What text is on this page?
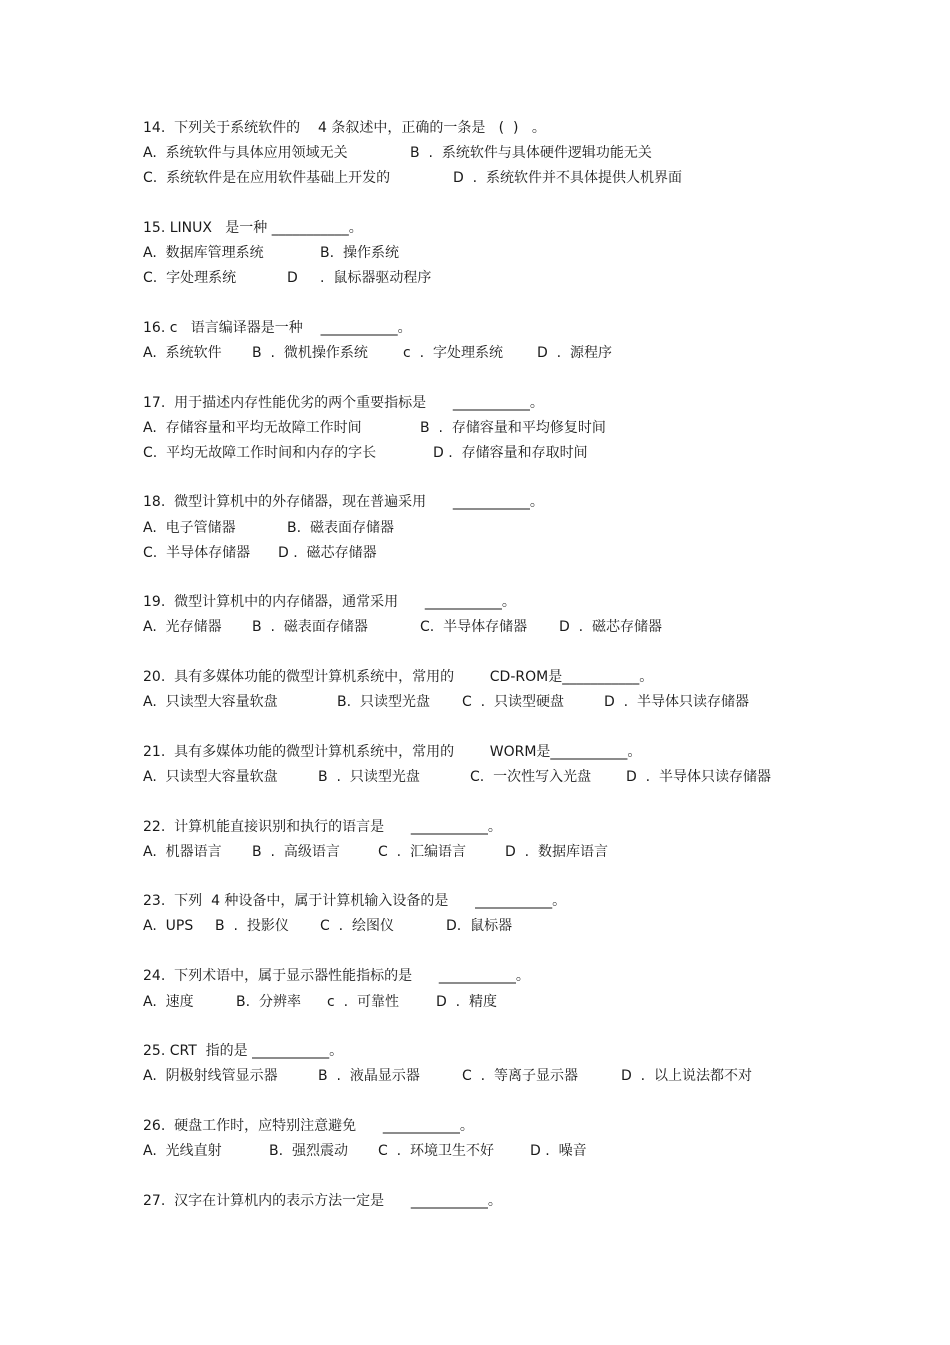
14.  下列关于系统软件的    4 条叙述中，正确的一条是   (  )   。
A.  系统软件与具体应用领域无关	B  .  系统软件与具体硬件逻辑功能无关
C.  系统软件是在应用软件基础上开发的	D  .  系统软件并不具体提供人机界面
15. LINUX   是一种 ___________。
A.  数据库管理系统	B.  操作系统
C.  字处理系统	D     .  鼠标器驱动程序
16. c   语言编译器是一种    ___________。
A.  系统软件 B  .  微机操作系统	c  .  字处理系统 D  .  源程序
17.  用于描述内存性能优劣的两个重要指标是      ___________。
A.  存储容量和平均无故障工作时间	B  .  存储容量和平均修复时间
C.  平均无故障工作时间和内存的字长	D .  存储容量和存取时间
18.  微型计算机中的外存储器，现在普遍采用      ___________。
A.  电子管储器	B.  磁表面存储器
C.  半导体存储器 D .  磁芯存储器
19.  微型计算机中的内存储器，通常采用      ___________。
A.  光存储器 B  .  磁表面存储器	C.  半导体存储器 D  .  磁芯存储器
20.  具有多媒体功能的微型计算机系统中，常用的        CD-ROM是___________。
A.  只读型大容量软盘	B.  只读型光盘 C  .  只读型硬盘	D  .  半导体只读存储器
21.  具有多媒体功能的微型计算机系统中，常用的        WORM是___________。
A.  只读型大容量软盘	B  .  只读型光盘	C.  一次性写入光盘 D  .  半导体只读存储器
22.  计算机能直接识别和执行的语言是      ___________。
A.  机器语言 B  .  高级语言	C  .  汇编语言	D  .  数据库语言
23.  下列  4 种设备中，属于计算机输入设备的是      ___________。
A.  UPS B  .  投影仪 C  .  绘图仪	D.  鼠标器
24.  下列术语中，属于显示器性能指标的是      ___________。
A.  速度	B.  分辨率 c  .  可靠性	D  .  精度
25. CRT  指的是 ___________。
A.  阴极射线管显示器	B  .  液晶显示器	C  .  等离子显示器	D  .  以上说法都不对
26.  硬盘工作时，应特别注意避免      ___________。
A.  光线直射	B.  强烈震动 C  .  环境卫生不好	D .  噪音
27.  汉字在计算机内的表示方法一定是      ___________。
